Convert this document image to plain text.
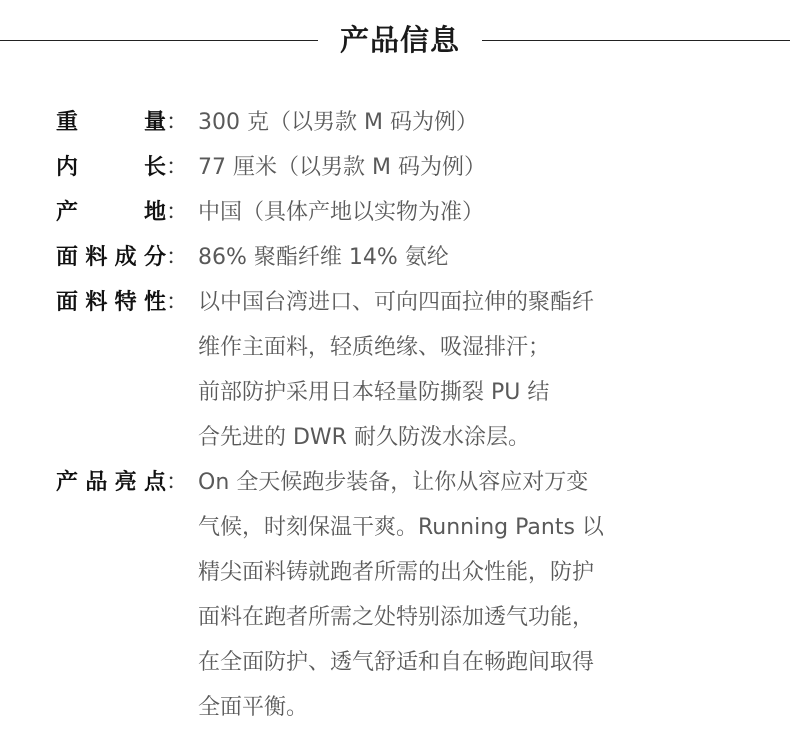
产品信息
重量 ： 300 克（以男款 M 码为例）
内长 ： 77 厘米（以男款 M 码为例）
产地 ： 中国（具体产地以实物为准）
面料成分 ： 86% 聚酯纤维 14% 氨纶
面料特性 ： 以中国台湾进口、可向四面拉伸的聚酯纤
维作主面料，轻质绝缘、吸湿排汗；
前部防护采用日本轻量防撕裂 PU 结
合先进的 DWR 耐久防泼水涂层。
产品亮点 ： On 全天候跑步装备，让你从容应对万变
气候，时刻保温干爽。Running Pants 以
精尖面料铸就跑者所需的出众性能，防护
面料在跑者所需之处特别添加透气功能，
在全面防护、透气舒适和自在畅跑间取得
全面平衡。
